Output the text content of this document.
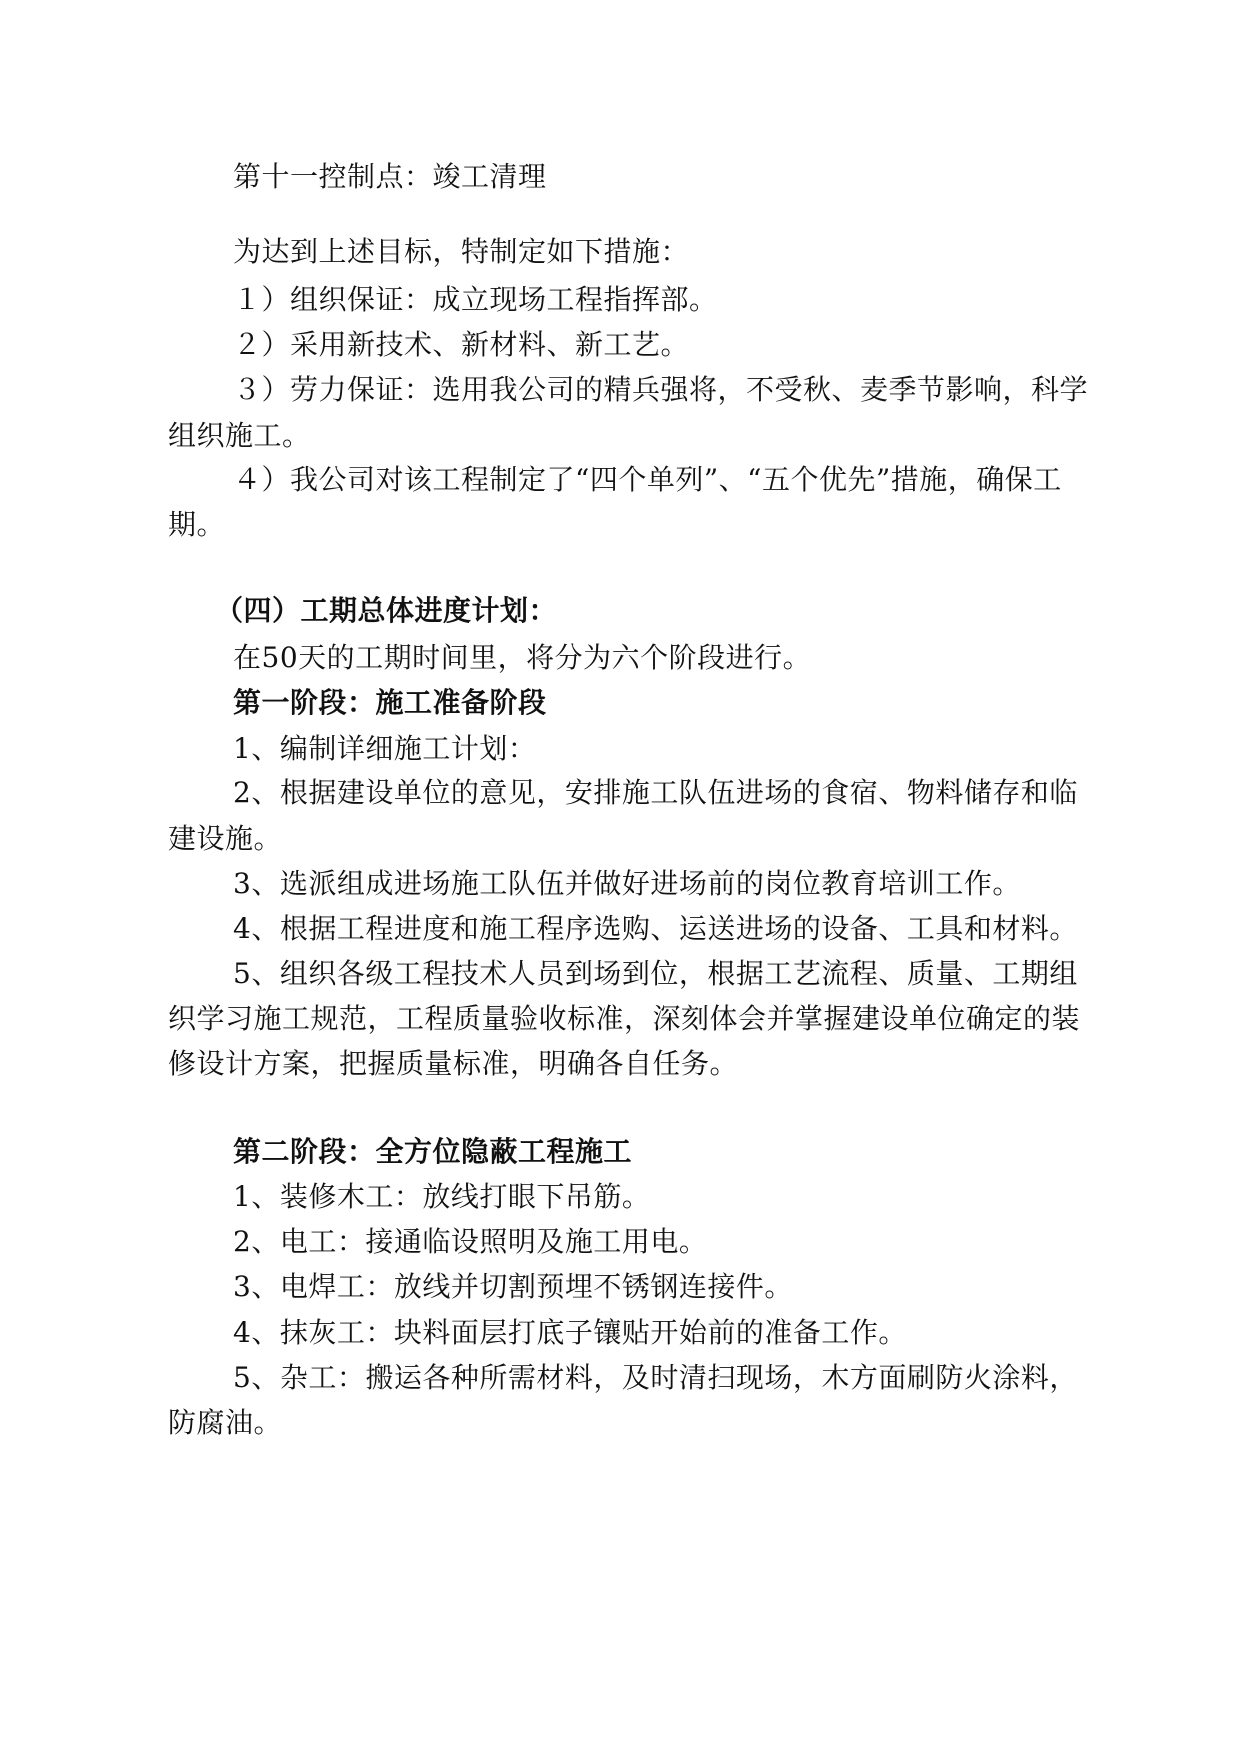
第十一控制点：竣工清理
为达到上述目标，特制定如下措施：
１）组织保证：成立现场工程指挥部。
２）采用新技术、新材料、新工艺。
３）劳力保证：选用我公司的精兵强将，不受秋、麦季节影响，科学
组织施工。
４）我公司对该工程制定了“四个单列”、“五个优先”措施，确保工
期。
（四）工期总体进度计划：
在50天的工期时间里，将分为六个阶段进行。
第一阶段：施工准备阶段
1、编制详细施工计划：
2、根据建设单位的意见，安排施工队伍进场的食宿、物料储存和临
建设施。
3、选派组成进场施工队伍并做好进场前的岗位教育培训工作。
4、根据工程进度和施工程序选购、运送进场的设备、工具和材料。
5、组织各级工程技术人员到场到位，根据工艺流程、质量、工期组
织学习施工规范，工程质量验收标准，深刻体会并掌握建设单位确定的装
修设计方案，把握质量标准，明确各自任务。
第二阶段：全方位隐蔽工程施工
1、装修木工：放线打眼下吊筋。
2、电工：接通临设照明及施工用电。
3、电焊工：放线并切割预埋不锈钢连接件。
4、抹灰工：块料面层打底子镶贴开始前的准备工作。
5、杂工：搬运各种所需材料，及时清扫现场，木方面刷防火涂料，
防腐油。
